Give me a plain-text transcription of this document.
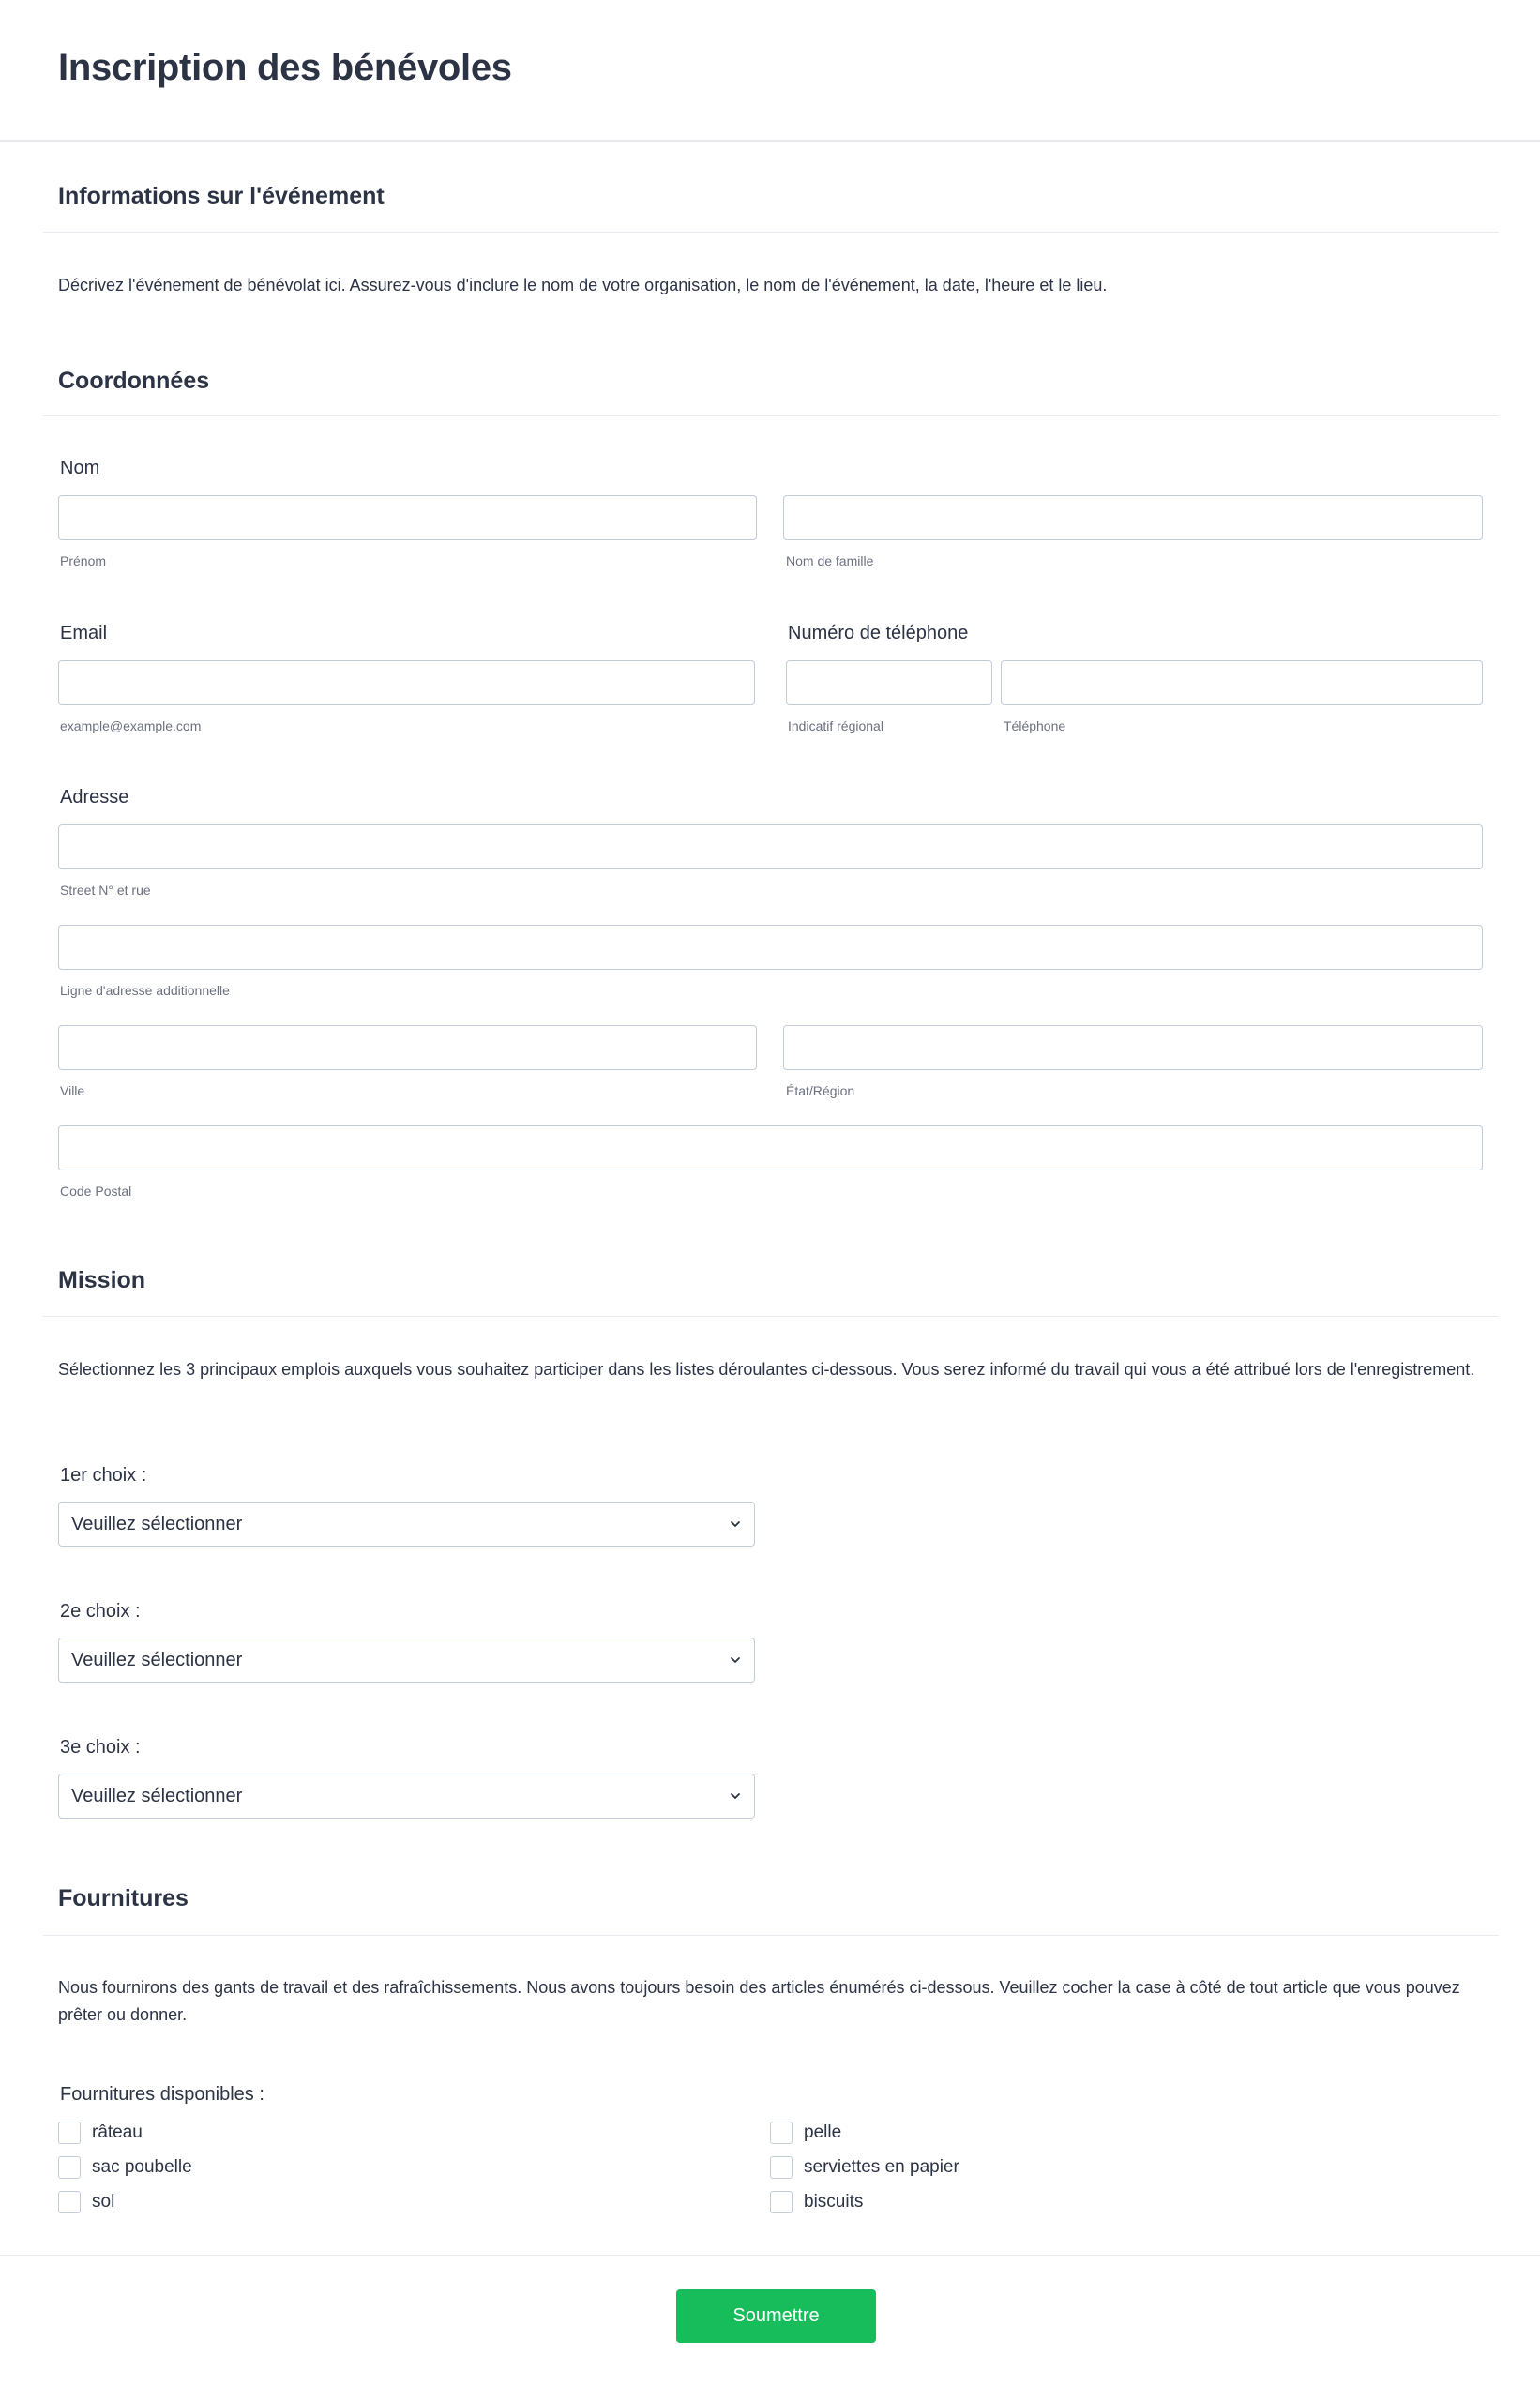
Inscription des bénévoles
Informations sur l'événement

Décrivez l'événement de bénévolat ici. Assurez-vous d'inclure le nom de votre organisation, le nom de l'événement, la date, l'heure et le lieu.

Coordonnées
Nom
Prénom	Nom de famille
Email
example@example.com
Numéro de téléphone
Indicatif régional	Téléphone
Adresse
Street N° et rue
Ligne d'adresse additionnelle
Ville	État/Région
Code Postal
Mission

Sélectionnez les 3 principaux emplois auxquels vous souhaitez participer dans les listes déroulantes ci-dessous. Vous serez informé du travail qui vous a été attribué lors de l'enregistrement.

1er choix :
Veuillez sélectionner
2e choix :
Veuillez sélectionner
3e choix :
Veuillez sélectionner
Fournitures

Nous fournirons des gants de travail et des rafraîchissements. Nous avons toujours besoin des articles énumérés ci-dessous. Veuillez cocher la case à côté de tout article que vous pouvez prêter ou donner.

Fournitures disponibles :
râteau	pelle
sac poubelle	serviettes en papier
sol	biscuits
Soumettre
